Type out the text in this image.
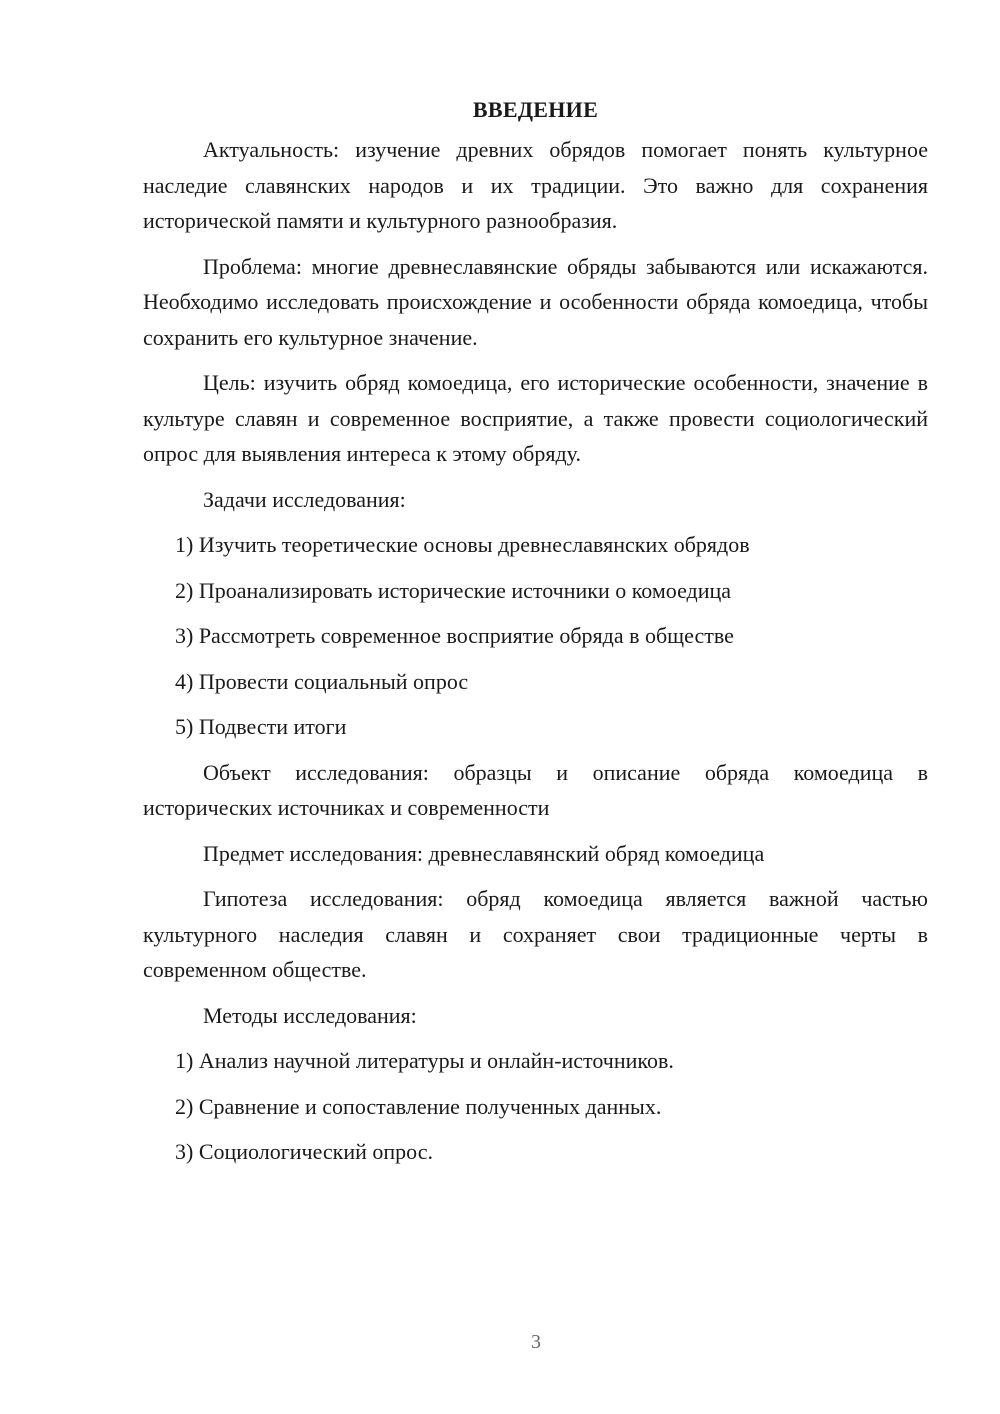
ВВЕДЕНИЕ

Актуальность: изучение древних обрядов помогает понять культурное наследие славянских народов и их традиции. Это важно для сохранения исторической памяти и культурного разнообразия.

Проблема: многие древнеславянские обряды забываются или искажаются. Необходимо исследовать происхождение и особенности обряда комоедица, чтобы сохранить его культурное значение.

Цель: изучить обряд комоедица, его исторические особенности, значение в культуре славян и современное восприятие, а также провести социологический опрос для выявления интереса к этому обряду.

Задачи исследования:

1) Изучить теоретические основы древнеславянских обрядов

2) Проанализировать исторические источники о комоедица

3) Рассмотреть современное восприятие обряда в обществе

4) Провести социальный опрос

5) Подвести итоги

Объект исследования: образцы и описание обряда комоедица в исторических источниках и современности

Предмет исследования: древнеславянский обряд комоедица

Гипотеза исследования: обряд комоедица является важной частью культурного наследия славян и сохраняет свои традиционные черты в современном обществе.

Методы исследования:

1) Анализ научной литературы и онлайн-источников.

2) Сравнение и сопоставление полученных данных.

3) Социологический опрос.

3
